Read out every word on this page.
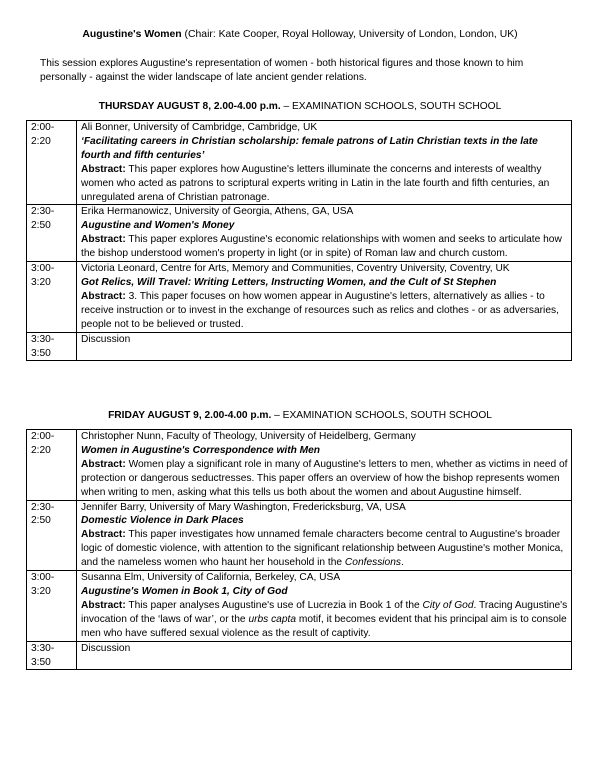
Augustine's Women (Chair: Kate Cooper, Royal Holloway, University of London, London, UK)
This session explores Augustine's representation of women - both historical figures and those known to him personally - against the wider landscape of late ancient gender relations.
THURSDAY AUGUST 8, 2.00-4.00 p.m. – EXAMINATION SCHOOLS, SOUTH SCHOOL
2:00-
2:20	Ali Bonner, University of Cambridge, Cambridge, UK
‘Facilitating careers in Christian scholarship: female patrons of Latin Christian texts in the late fourth and fifth centuries’
Abstract: This paper explores how Augustine's letters illuminate the concerns and interests of wealthy women who acted as patrons to scriptural experts writing in Latin in the late fourth and fifth centuries, an unregulated arena of Christian patronage.
2:30-
2:50	Erika Hermanowicz, University of Georgia, Athens, GA, USA
Augustine and Women's Money
Abstract: This paper explores Augustine's economic relationships with women and seeks to articulate how the bishop understood women's property in light (or in spite) of Roman law and church custom.
3:00-
3:20	Victoria Leonard, Centre for Arts, Memory and Communities, Coventry University, Coventry, UK
Got Relics, Will Travel: Writing Letters, Instructing Women, and the Cult of St Stephen
Abstract: 3. This paper focuses on how women appear in Augustine's letters, alternatively as allies - to receive instruction or to invest in the exchange of resources such as relics and clothes - or as adversaries, people not to be believed or trusted.
3:30-
3:50	Discussion
FRIDAY AUGUST 9, 2.00-4.00 p.m. – EXAMINATION SCHOOLS, SOUTH SCHOOL
2:00-
2:20	Christopher Nunn, Faculty of Theology, University of Heidelberg, Germany
Women in Augustine's Correspondence with Men
Abstract: Women play a significant role in many of Augustine's letters to men, whether as victims in need of protection or dangerous seductresses. This paper offers an overview of how the bishop represents women when writing to men, asking what this tells us both about the women and about Augustine himself.
2:30-
2:50	Jennifer Barry, University of Mary Washington, Fredericksburg, VA, USA
Domestic Violence in Dark Places
Abstract: This paper investigates how unnamed female characters become central to Augustine's broader logic of domestic violence, with attention to the significant relationship between Augustine's mother Monica, and the nameless women who haunt her household in the Confessions.
3:00-
3:20	Susanna Elm, University of California, Berkeley, CA, USA
Augustine's Women in Book 1, City of God
Abstract: This paper analyses Augustine's use of Lucrezia in Book 1 of the City of God. Tracing Augustine's invocation of the ‘laws of war’, or the urbs capta motif, it becomes evident that his principal aim is to console men who have suffered sexual violence as the result of captivity.
3:30-
3:50	Discussion
